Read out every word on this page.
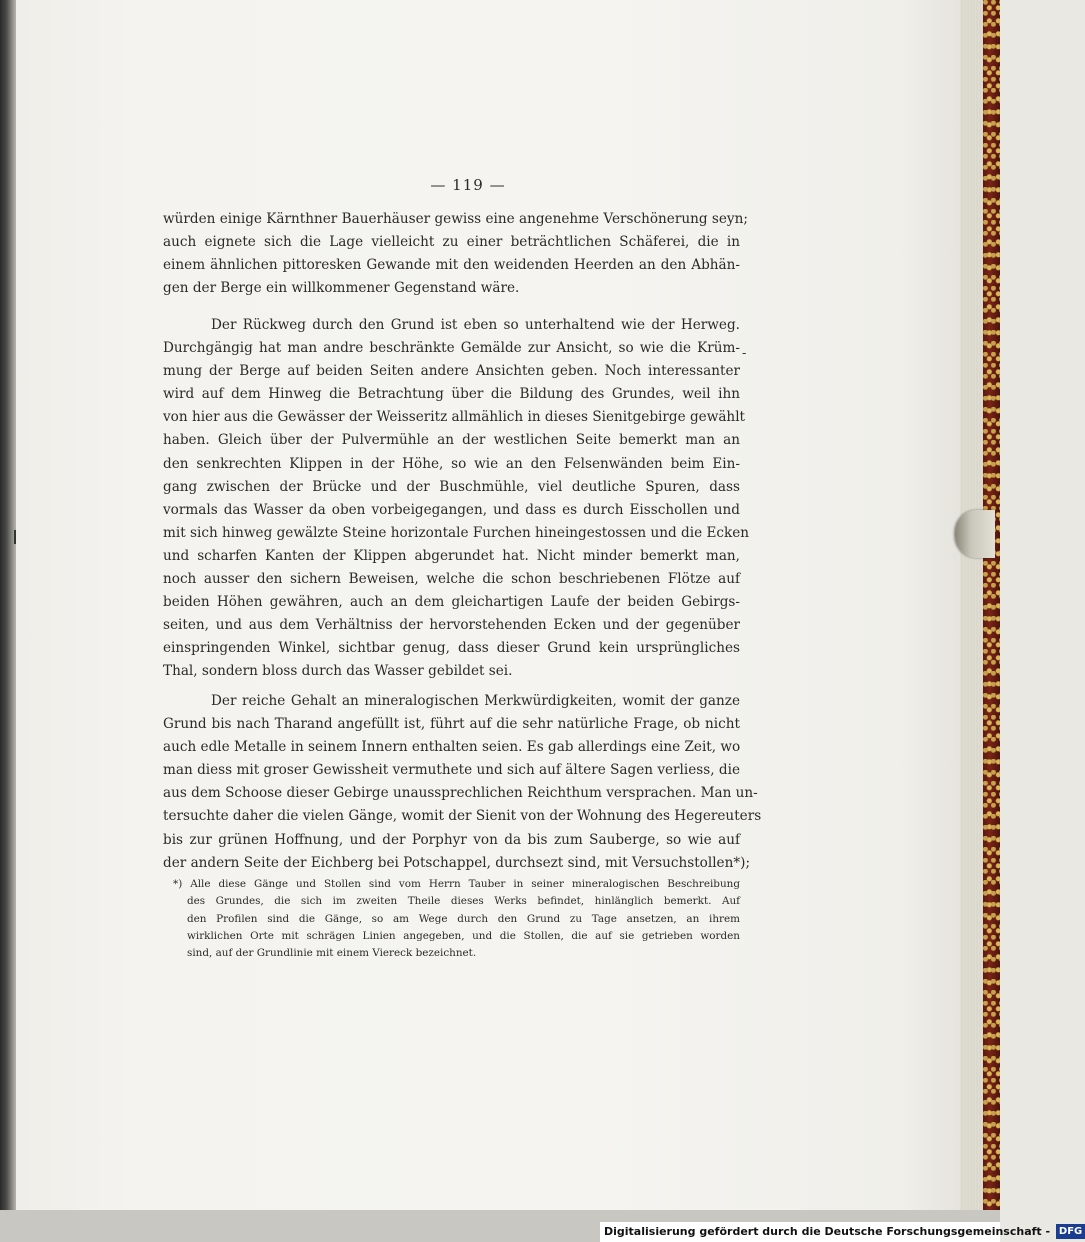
— 119 —
würden einige Kärnthner Bauerhäuser gewiss eine angenehme Verschönerung seyn;
auch eignete sich die Lage vielleicht zu einer beträchtlichen Schäferei, die in
einem ähnlichen pittoresken Gewande mit den weidenden Heerden an den Abhän-
gen der Berge ein willkommener Gegenstand wäre.
Der Rückweg durch den Grund ist eben so unterhaltend wie der Herweg.
Durchgängig hat man andre beschränkte Gemälde zur Ansicht, so wie die Krüm-
mung der Berge auf beiden Seiten andere Ansichten geben. Noch interessanter
wird auf dem Hinweg die Betrachtung über die Bildung des Grundes, weil ihn
von hier aus die Gewässer der Weisseritz allmählich in dieses Sienitgebirge gewählt
haben. Gleich über der Pulvermühle an der westlichen Seite bemerkt man an
den senkrechten Klippen in der Höhe, so wie an den Felsenwänden beim Ein-
gang zwischen der Brücke und der Buschmühle, viel deutliche Spuren, dass
vormals das Wasser da oben vorbeigegangen, und dass es durch Eisschollen und
mit sich hinweg gewälzte Steine horizontale Furchen hineingestossen und die Ecken
und scharfen Kanten der Klippen abgerundet hat. Nicht minder bemerkt man,
noch ausser den sichern Beweisen, welche die schon beschriebenen Flötze auf
beiden Höhen gewähren, auch an dem gleichartigen Laufe der beiden Gebirgs-
seiten, und aus dem Verhältniss der hervorstehenden Ecken und der gegenüber
einspringenden Winkel, sichtbar genug, dass dieser Grund kein ursprüngliches
Thal, sondern bloss durch das Wasser gebildet sei.
-
Der reiche Gehalt an mineralogischen Merkwürdigkeiten, womit der ganze
Grund bis nach Tharand angefüllt ist, führt auf die sehr natürliche Frage, ob nicht
auch edle Metalle in seinem Innern enthalten seien. Es gab allerdings eine Zeit, wo
man diess mit groser Gewissheit vermuthete und sich auf ältere Sagen verliess, die
aus dem Schoose dieser Gebirge unaussprechlichen Reichthum versprachen. Man un-
tersuchte daher die vielen Gänge, womit der Sienit von der Wohnung des Hegereuters
bis zur grünen Hoffnung, und der Porphyr von da bis zum Sauberge, so wie auf
der andern Seite der Eichberg bei Potschappel, durchsezt sind, mit Versuchstollen*);
*) Alle diese Gänge und Stollen sind vom Herrn Tauber in seiner mineralogischen Beschreibung
des Grundes, die sich im zweiten Theile dieses Werks befindet, hinlänglich bemerkt. Auf
den Profilen sind die Gänge, so am Wege durch den Grund zu Tage ansetzen, an ihrem
wirklichen Orte mit schrägen Linien angegeben, und die Stollen, die auf sie getrieben worden
sind, auf der Grundlinie mit einem Viereck bezeichnet.
Digitalisierung gefördert durch die Deutsche Forschungsgemeinschaft - DFG
